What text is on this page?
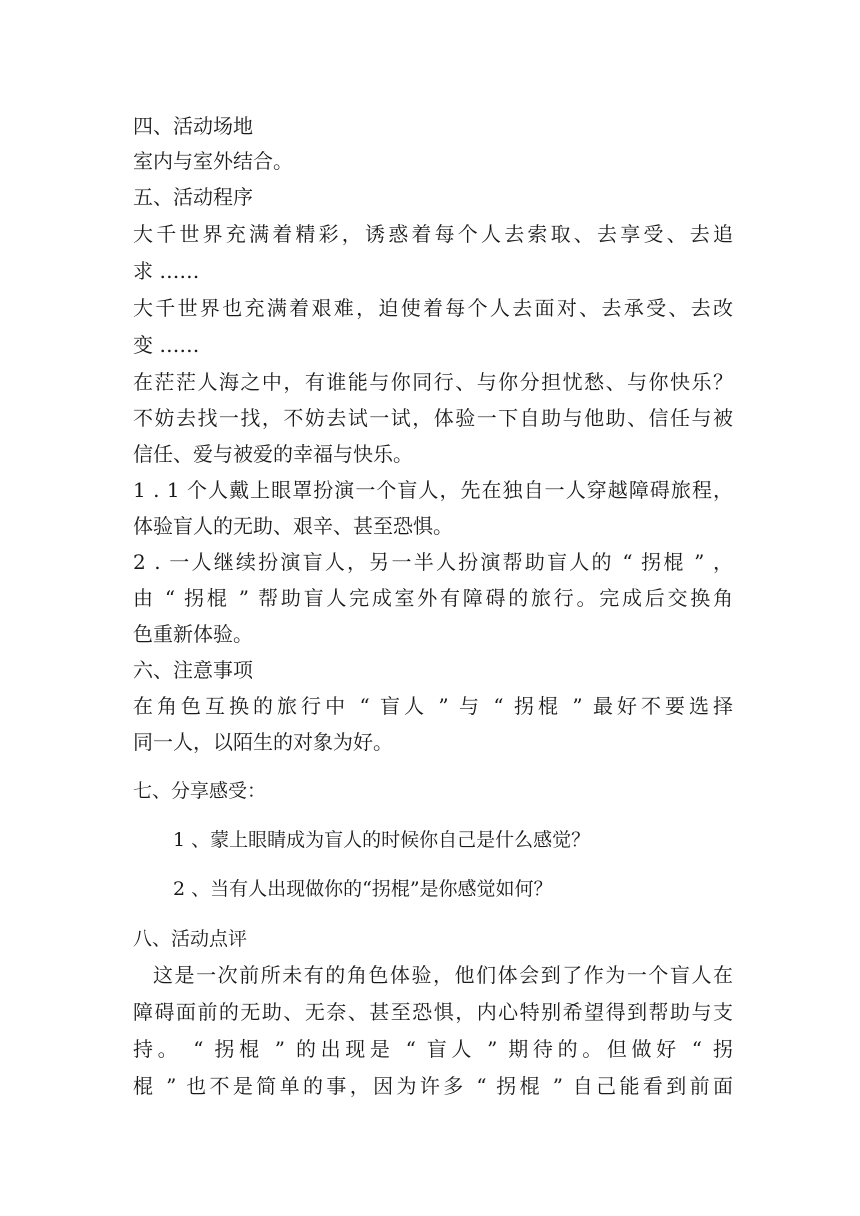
四、活动场地
室内与室外结合。
五、活动程序
大千世界充满着精彩，诱惑着每个人去索取、去享受、去追
求 ……
大千世界也充满着艰难，迫使着每个人去面对、去承受、去改
变 ……
在茫茫人海之中，有谁能与你同行、与你分担忧愁、与你快乐？
不妨去找一找，不妨去试一试，体验一下自助与他助、信任与被
信任、爱与被爱的幸福与快乐。
1 . 1 个人戴上眼罩扮演一个盲人，先在独自一人穿越障碍旅程，
体验盲人的无助、艰辛、甚至恐惧。
2 . 一人继续扮演盲人，另一半人扮演帮助盲人的 “ 拐棍 ” ，
由 “ 拐棍 ” 帮助盲人完成室外有障碍的旅行。完成后交换角
色重新体验。
六、注意事项
在角色互换的旅行中 “ 盲人 ” 与 “ 拐棍 ” 最好不要选择
同一人，以陌生的对象为好。
七、分享感受：
1 、蒙上眼睛成为盲人的时候你自己是什么感觉？
2 、当有人出现做你的“拐棍”是你感觉如何？
八、活动点评
这是一次前所未有的角色体验，他们体会到了作为一个盲人在
障碍面前的无助、无奈、甚至恐惧，内心特别希望得到帮助与支
持。 “ 拐棍 ” 的出现是 “ 盲人 ” 期待的。但做好 “ 拐
棍 ” 也不是简单的事，因为许多 “ 拐棍 ” 自己能看到前面
